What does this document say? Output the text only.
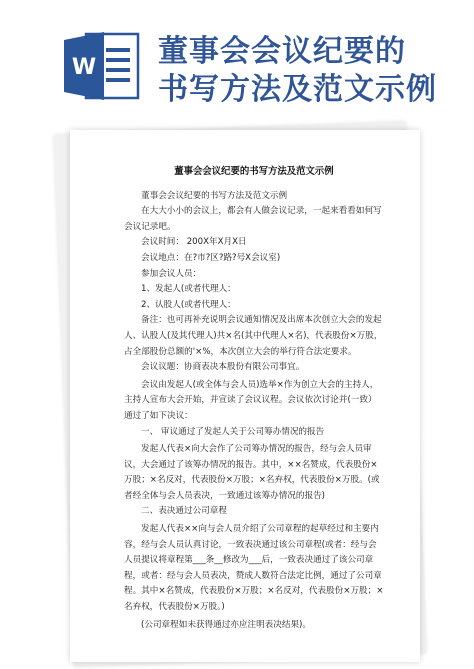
W 董事会会议纪要的
书写方法及范文示例

董事会会议纪要的书写方法及范文示例

董事会会议纪要的书写方法及范文示例

在大大小小的会议上，都会有人做会议记录，一起来看看如何写会议记录吧。

会议时间： 200X年X月X日

会议地点：在?市?区?路?号X会议室)

参加会议人员：

1、发起人(或者代理人：

2、认股人(或者代理人：

备注：也可再补充说明会议通知情况及出席本次创立大会的发起人、认股人(及其代理人)共×名(其中代理人×名)，代表股份×万股，占全部股份总额的'×%，本次创立大会的举行符合法定要求。

会议议题：协商表决本股份有限公司事宜。

会议由发起人(或全体与会人员)选举×作为创立大会的主持人，主持人宣布大会开始，并宣读了会议议程。会议依次讨论并(一致）通过了如下决议：

一、 审议通过了发起人关于公司筹办情况的报告

发起人代表×向大会作了公司筹办情况的报告，经与会人员审议，大会通过了该筹办情况的报告。其中，××名赞成，代表股份×万股；×名反对，代表股份×万股；×名弃权，代表股份×万股。(或者经全体与会人员表决，一致通过该筹办情况的报告)

二、表决通过公司章程

发起人代表××向与会人员介绍了公司章程的起草经过和主要内容，经与会人员认真讨论，一致表决通过该公司章程(或者：经与会人员提议将章程第___条__修改为___后，一致表决通过了该公司章程，或者：经与会人员表决，赞成人数符合法定比例，通过了公司章程。其中×名赞成，代表股份×万股；×名反对，代表股份×万股；×名弃权，代表股份×万股。)

(公司章程如未获得通过亦应注明表决结果)。
